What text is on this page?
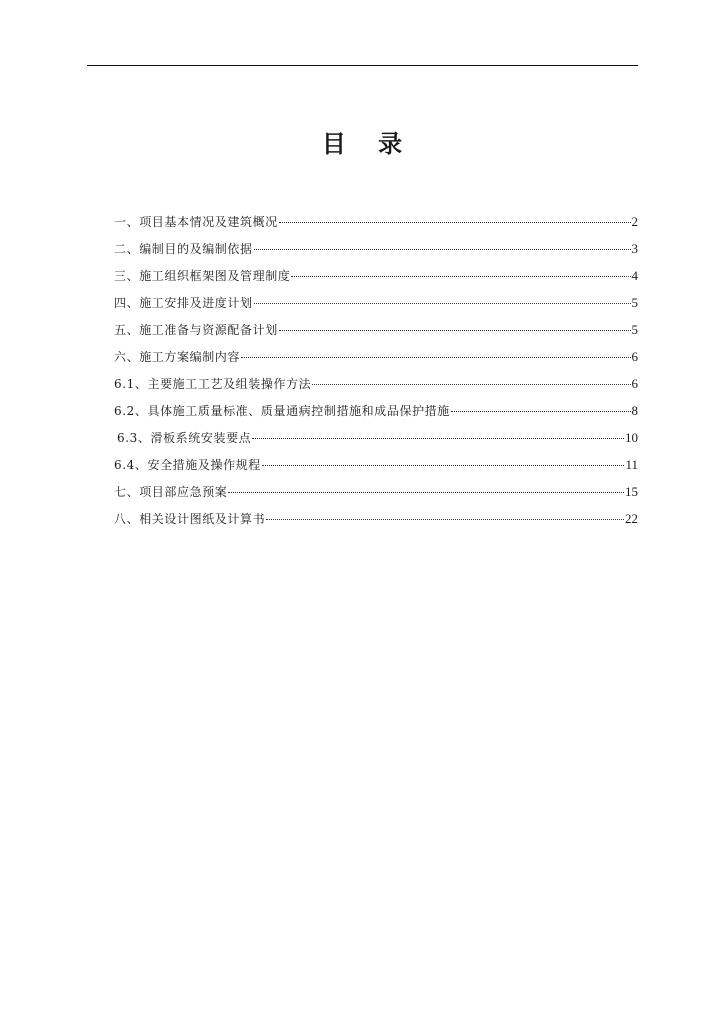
目 录
一、项目基本情况及建筑概况	2
二、编制目的及编制依据	3
三、施工组织框架图及管理制度	4
四、施工安排及进度计划	5
五、施工准备与资源配备计划	5
六、施工方案编制内容	6
6.1、主要施工工艺及组装操作方法	6
6.2、具体施工质量标准、质量通病控制措施和成品保护措施	8
6.3、滑板系统安装要点	10
6.4、安全措施及操作规程	11
七、项目部应急预案	15
八、相关设计图纸及计算书	22
